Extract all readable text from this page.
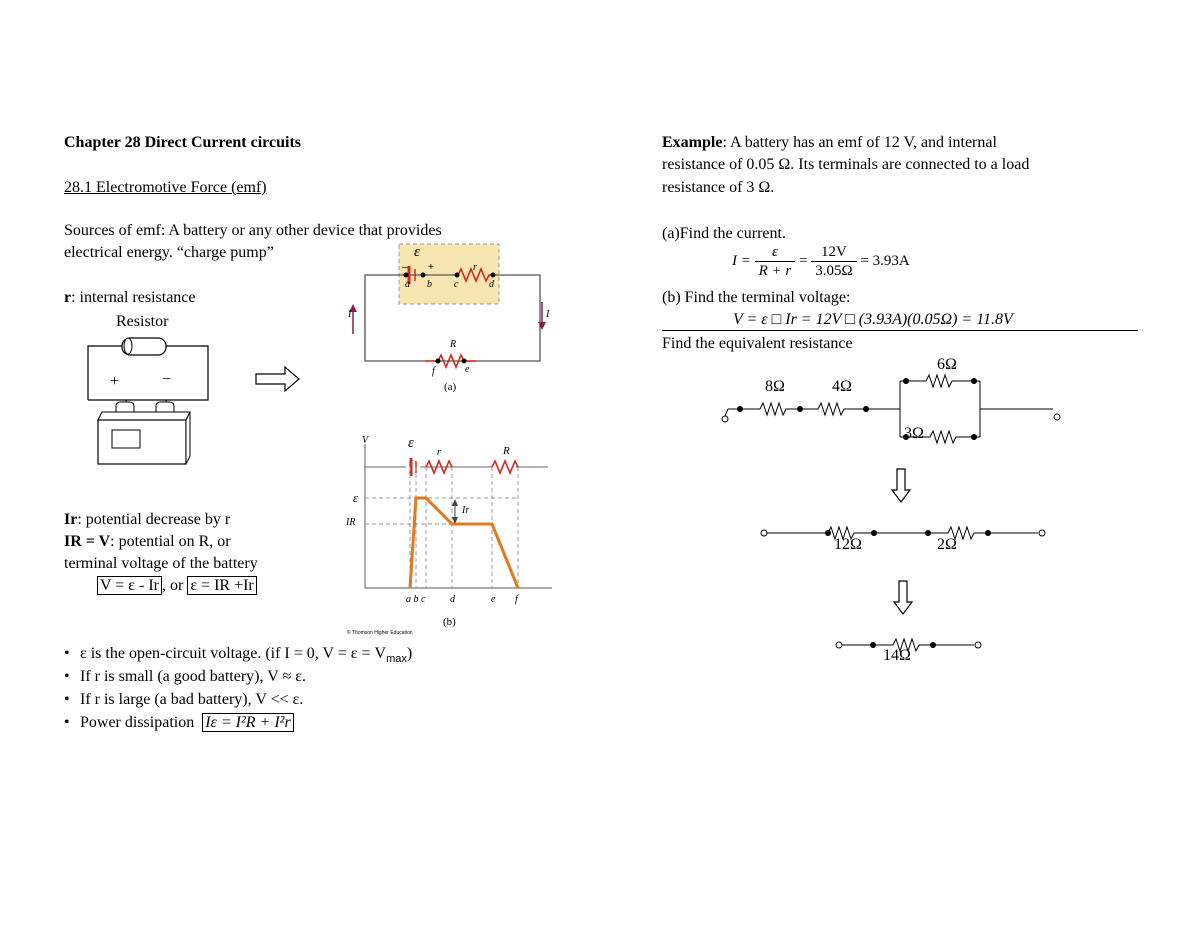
Chapter 28 Direct Current circuits
28.1 Electromotive Force (emf)
Sources of emf: A battery or any other device that provides
electrical energy. “charge pump”
r: internal resistance
Resistor
+	−
Ir: potential decrease by r
IR = V: potential on R, or
terminal voltage of the battery
V = ε - Ir , or ε = IR +Ir
• ε is the open-circuit voltage. (if I = 0, $V = \varepsilon = V_{max}$)
• If r is small (a good battery), V ≈ ε.
• If r is large (a bad battery), V << ε.
• Power dissipation Iε = I²R + I²r
ε
– +	r
a b c	d
R
f	e
I	I
(a)
V	ε
r	R
ε
IR
Ir
a b c d	e f
(b)
© Thomson Higher Education
Example: A battery has an emf of 12 V, and internal
resistance of 0.05 Ω. Its terminals are connected to a load
resistance of 3 Ω.
(a)Find the current.
$I = \frac{\varepsilon}{R + r} = \frac{12V}{3.05\Omega} = 3.93A$
(b) Find the terminal voltage:
V = ε □ Ir = 12V □ (3.93A)(0.05Ω) = 11.8V
Find the equivalent resistance
8Ω	4Ω
6Ω
3Ω
12Ω	2Ω
14Ω
